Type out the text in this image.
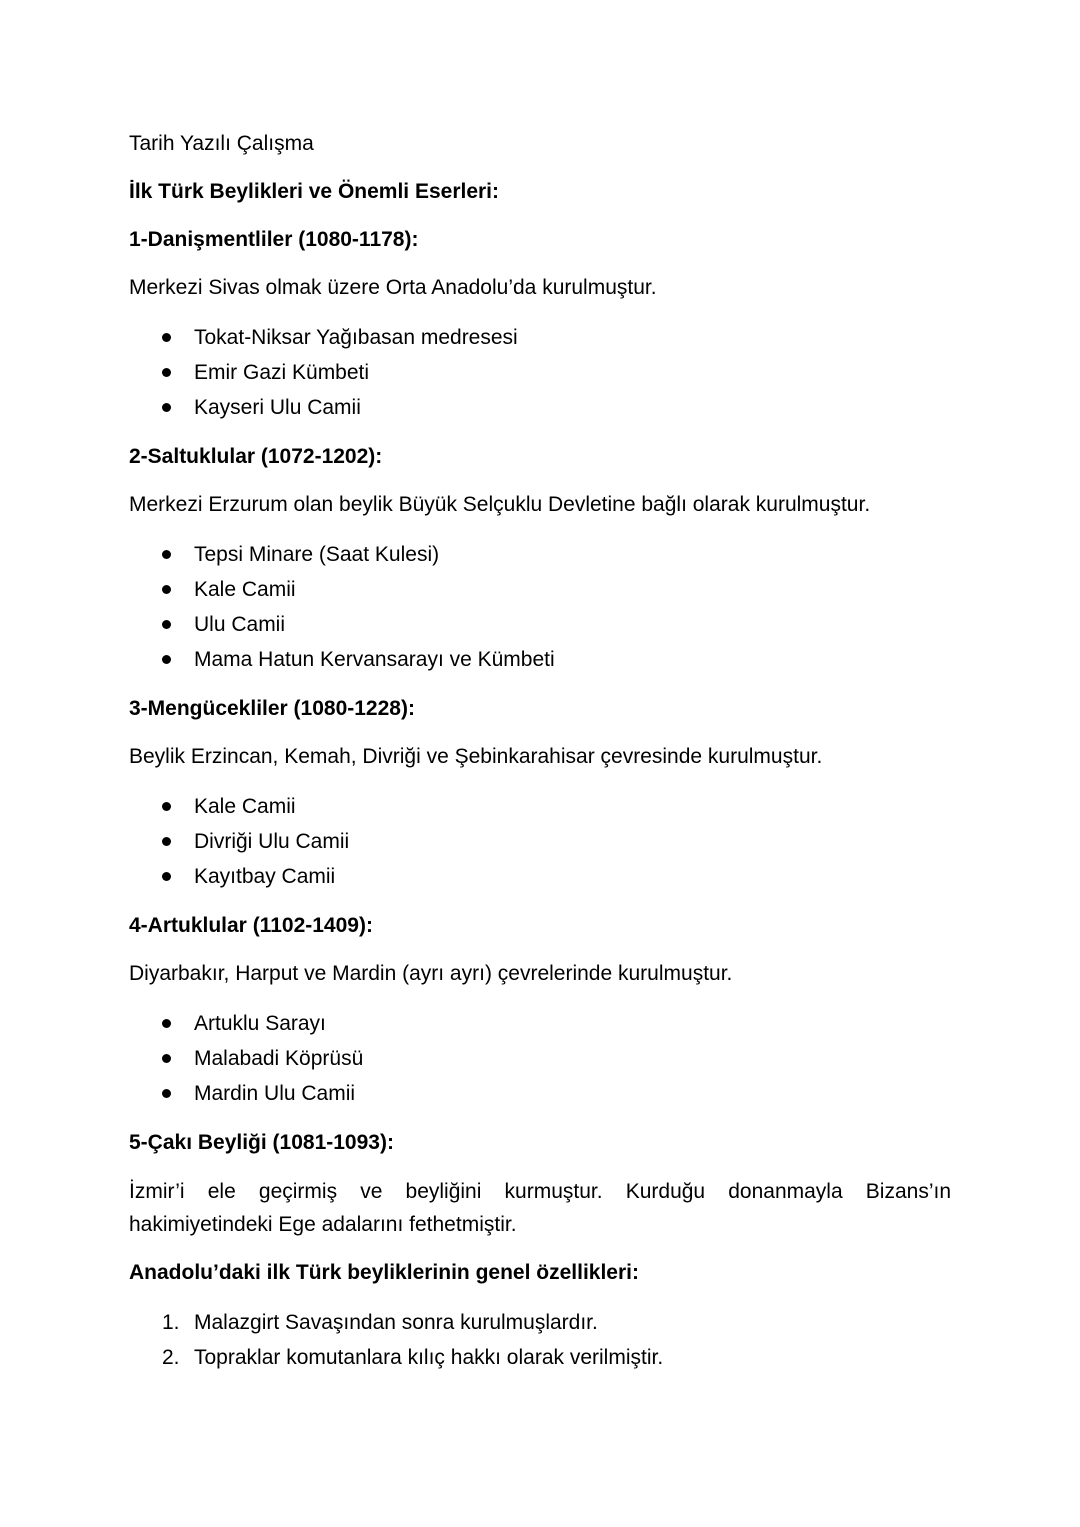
Tarih Yazılı Çalışma

İlk Türk Beylikleri ve Önemli Eserleri:

1-Danişmentliler (1080-1178):

Merkezi Sivas olmak üzere Orta Anadolu’da kurulmuştur.

Tokat-Niksar Yağıbasan medresesi
Emir Gazi Kümbeti
Kayseri Ulu Camii

2-Saltuklular (1072-1202):

Merkezi Erzurum olan beylik Büyük Selçuklu Devletine bağlı olarak kurulmuştur.

Tepsi Minare (Saat Kulesi)
Kale Camii
Ulu Camii
Mama Hatun Kervansarayı ve Kümbeti

3-Mengücekliler (1080-1228):

Beylik Erzincan, Kemah, Divriği ve Şebinkarahisar çevresinde kurulmuştur.

Kale Camii
Divriği Ulu Camii
Kayıtbay Camii

4-Artuklular (1102-1409):

Diyarbakır, Harput ve Mardin (ayrı ayrı) çevrelerinde kurulmuştur.

Artuklu Sarayı
Malabadi Köprüsü
Mardin Ulu Camii

5-Çakı Beyliği (1081-1093):

İzmir’i ele geçirmiş ve beyliğini kurmuştur. Kurduğu donanmayla Bizans’ın hakimiyetindeki Ege adalarını fethetmiştir.

Anadolu’daki ilk Türk beyliklerinin genel özellikleri:

1. Malazgirt Savaşından sonra kurulmuşlardır.
2. Topraklar komutanlara kılıç hakkı olarak verilmiştir.
